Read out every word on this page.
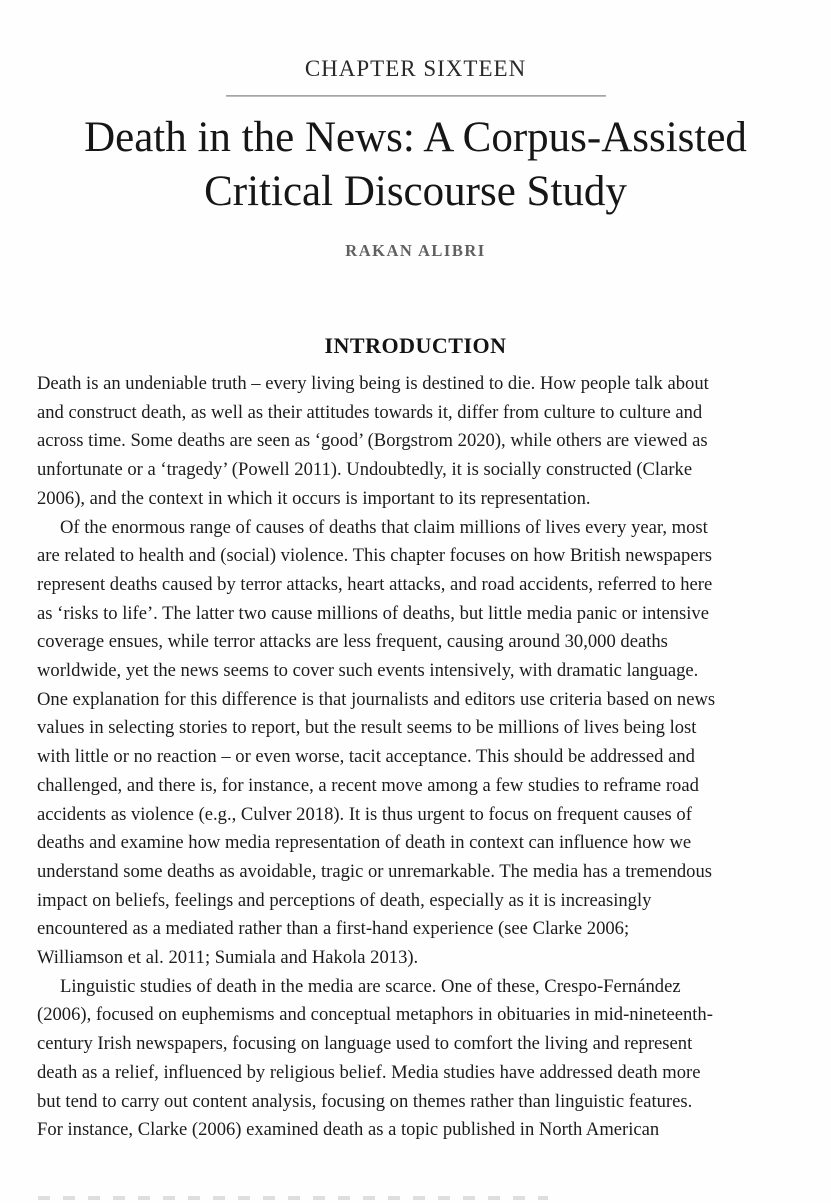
CHAPTER SIXTEEN
Death in the News: A Corpus-Assisted
Critical Discourse Study
RAKAN ALIBRI
INTRODUCTION
Death is an undeniable truth – every living being is destined to die. How people talk about
and construct death, as well as their attitudes towards it, differ from culture to culture and
across time. Some deaths are seen as ‘good’ (Borgstrom 2020), while others are viewed as
unfortunate or a ‘tragedy’ (Powell 2011). Undoubtedly, it is socially constructed (Clarke
2006), and the context in which it occurs is important to its representation.
Of the enormous range of causes of deaths that claim millions of lives every year, most
are related to health and (social) violence. This chapter focuses on how British newspapers
represent deaths caused by terror attacks, heart attacks, and road accidents, referred to here
as ‘risks to life’. The latter two cause millions of deaths, but little media panic or intensive
coverage ensues, while terror attacks are less frequent, causing around 30,000 deaths
worldwide, yet the news seems to cover such events intensively, with dramatic language.
One explanation for this difference is that journalists and editors use criteria based on news
values in selecting stories to report, but the result seems to be millions of lives being lost
with little or no reaction – or even worse, tacit acceptance. This should be addressed and
challenged, and there is, for instance, a recent move among a few studies to reframe road
accidents as violence (e.g., Culver 2018). It is thus urgent to focus on frequent causes of
deaths and examine how media representation of death in context can influence how we
understand some deaths as avoidable, tragic or unremarkable. The media has a tremendous
impact on beliefs, feelings and perceptions of death, especially as it is increasingly
encountered as a mediated rather than a first-hand experience (see Clarke 2006;
Williamson et al. 2011; Sumiala and Hakola 2013).
Linguistic studies of death in the media are scarce. One of these, Crespo-Fernández
(2006), focused on euphemisms and conceptual metaphors in obituaries in mid-nineteenth-
century Irish newspapers, focusing on language used to comfort the living and represent
death as a relief, influenced by religious belief. Media studies have addressed death more
but tend to carry out content analysis, focusing on themes rather than linguistic features.
For instance, Clarke (2006) examined death as a topic published in North American
